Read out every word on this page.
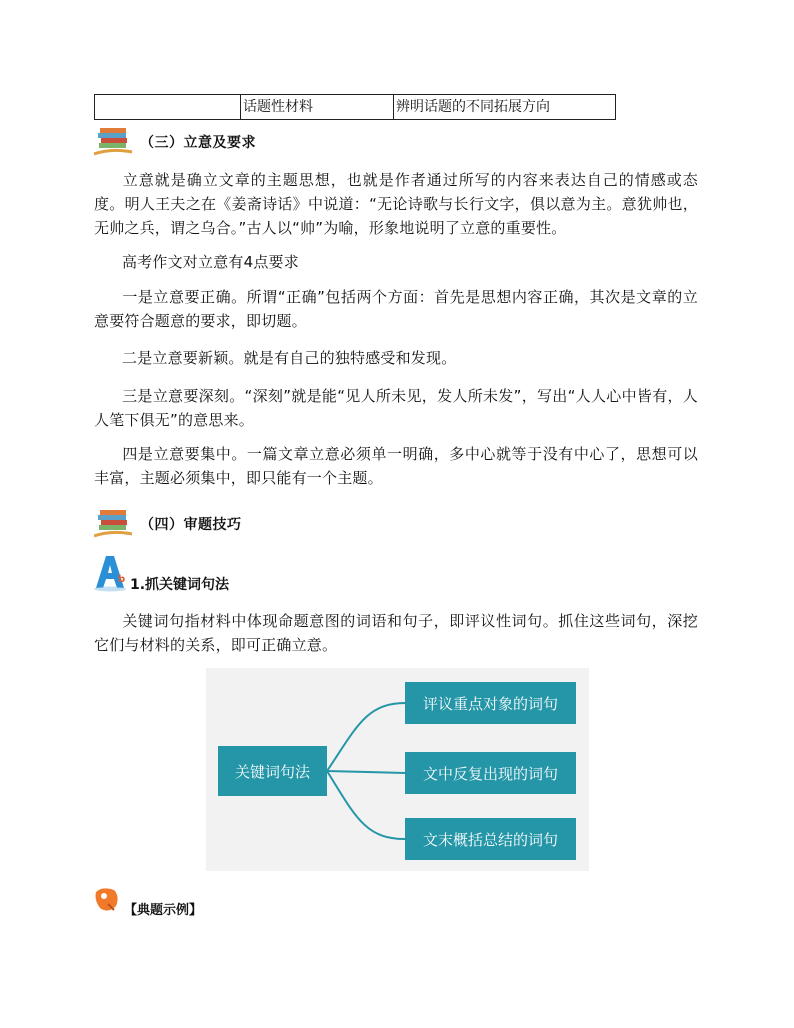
话题性材料	辨明话题的不同拓展方向
（三）立意及要求
立意就是确立文章的主题思想，也就是作者通过所写的内容来表达自己的情感或态度。明人王夫之在《姜斋诗话》中说道：“无论诗歌与长行文字，俱以意为主。意犹帅也，无帅之兵，谓之乌合。”古人以“帅”为喻，形象地说明了立意的重要性。
高考作文对立意有4点要求
一是立意要正确。所谓“正确”包括两个方面：首先是思想内容正确，其次是文章的立意要符合题意的要求，即切题。
二是立意要新颖。就是有自己的独特感受和发现。
三是立意要深刻。“深刻”就是能“见人所未见，发人所未发”，写出“人人心中皆有，人人笔下俱无”的意思来。
四是立意要集中。一篇文章立意必须单一明确，多中心就等于没有中心了，思想可以丰富，主题必须集中，即只能有一个主题。
（四）审题技巧
b 1.抓关键词句法
关键词句指材料中体现命题意图的词语和句子，即评议性词句。抓住这些词句，深挖它们与材料的关系，即可正确立意。
关键词句法
评议重点对象的词句
文中反复出现的词句
文末概括总结的词句
【典题示例】
